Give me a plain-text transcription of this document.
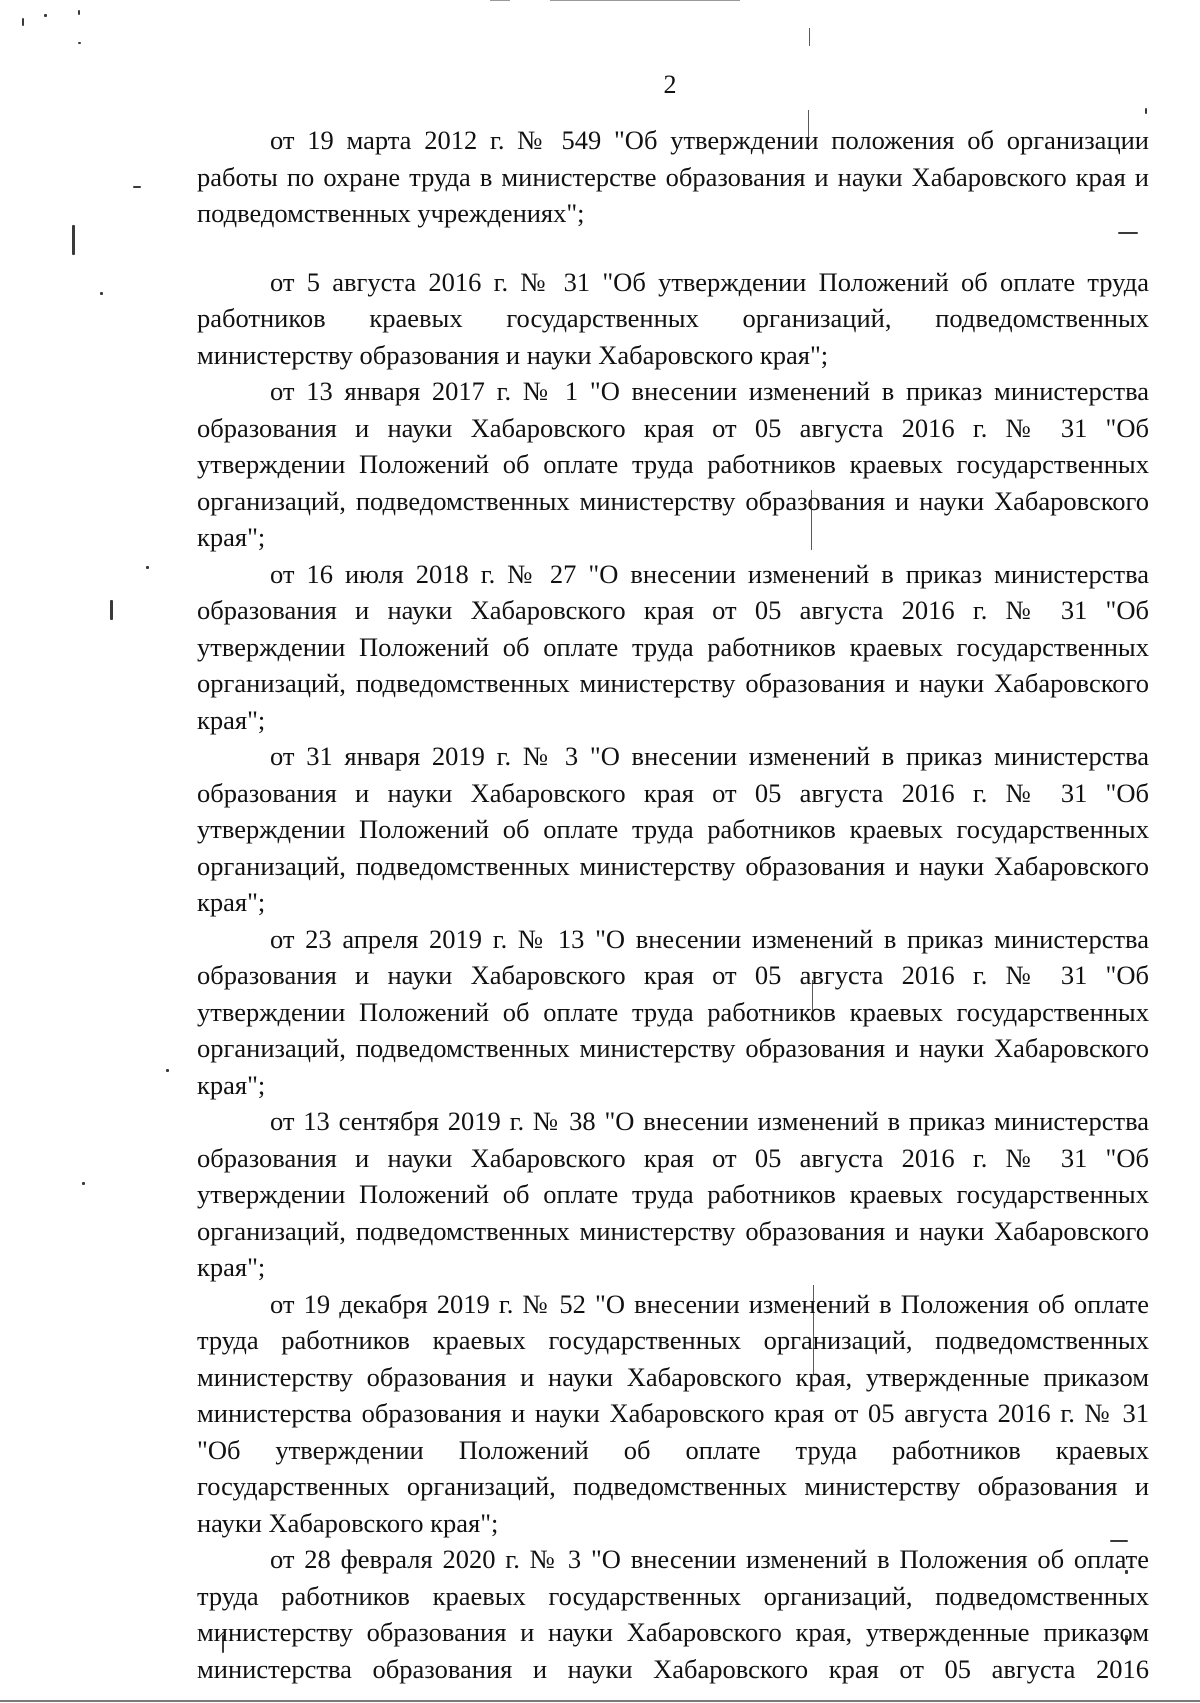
2

от 19 марта 2012 г. № 549 "Об утверждении положения об организации работы по охране труда в министерстве образования и науки Хабаровского края и подведомственных учреждениях";

от 5 августа 2016 г. № 31 "Об утверждении Положений об оплате труда работников краевых государственных организаций, подведомственных министерству образования и науки Хабаровского края";

от 13 января 2017 г. № 1 "О внесении изменений в приказ министерства образования и науки Хабаровского края от 05 августа 2016 г. № 31 "Об утверждении Положений об оплате труда работников краевых государственных организаций, подведомственных министерству образования и науки Хабаровского края";

от 16 июля 2018 г. № 27 "О внесении изменений в приказ министерства образования и науки Хабаровского края от 05 августа 2016 г. № 31 "Об утверждении Положений об оплате труда работников краевых государственных организаций, подведомственных министерству образования и науки Хабаровского края";

от 31 января 2019 г. № 3 "О внесении изменений в приказ министерства образования и науки Хабаровского края от 05 августа 2016 г. № 31 "Об утверждении Положений об оплате труда работников краевых государственных организаций, подведомственных министерству образования и науки Хабаровского края";

от 23 апреля 2019 г. № 13 "О внесении изменений в приказ министерства образования и науки Хабаровского края от 05 августа 2016 г. № 31 "Об утверждении Положений об оплате труда работников краевых государственных организаций, подведомственных министерству образования и науки Хабаровского края";

от 13 сентября 2019 г. № 38 "О внесении изменений в приказ министерства образования и науки Хабаровского края от 05 августа 2016 г. № 31 "Об утверждении Положений об оплате труда работников краевых государственных организаций, подведомственных министерству образования и науки Хабаровского края";

от 19 декабря 2019 г. № 52 "О внесении изменений в Положения об оплате труда работников краевых государственных организаций, подведомственных министерству образования и науки Хабаровского края, утвержденные приказом министерства образования и науки Хабаровского края от 05 августа 2016 г. № 31 "Об утверждении Положений об оплате труда работников краевых государственных организаций, подведомственных министерству образования и науки Хабаровского края";

от 28 февраля 2020 г. № 3 "О внесении изменений в Положения об оплате труда работников краевых государственных организаций, подведомственных министерству образования и науки Хабаровского края, утвержденные приказом министерства образования и науки Хабаровского края от 05 августа 2016
